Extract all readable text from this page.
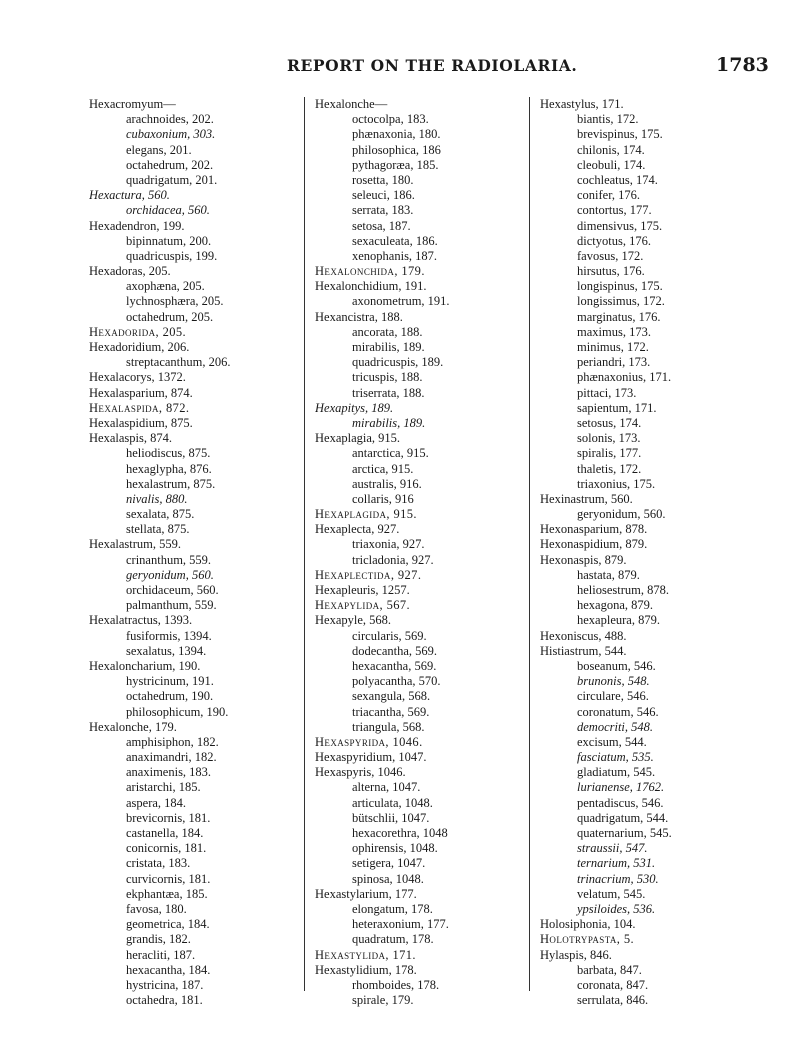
REPORT ON THE RADIOLARIA.	1783
Hexacromyum—
arachnoides, 202.
cubaxonium, 303.
elegans, 201.
octahedrum, 202.
quadrigatum, 201.
Hexactura, 560.
orchidacea, 560.
Hexadendron, 199.
bipinnatum, 200.
quadricuspis, 199.
Hexadoras, 205.
axophæna, 205.
lychnosphæra, 205.
octahedrum, 205.
Hexadorida, 205.
Hexadoridium, 206.
streptacanthum, 206.
Hexalacorys, 1372.
Hexalasparium, 874.
Hexalaspida, 872.
Hexalaspidium, 875.
Hexalaspis, 874.
heliodiscus, 875.
hexaglypha, 876.
hexalastrum, 875.
nivalis, 880.
sexalata, 875.
stellata, 875.
Hexalastrum, 559.
crinanthum, 559.
geryonidum, 560.
orchidaceum, 560.
palmanthum, 559.
Hexalatractus, 1393.
fusiformis, 1394.
sexalatus, 1394.
Hexaloncharium, 190.
hystricinum, 191.
octahedrum, 190.
philosophicum, 190.
Hexalonche, 179.
amphisiphon, 182.
anaximandri, 182.
anaximenis, 183.
aristarchi, 185.
aspera, 184.
brevicornis, 181.
castanella, 184.
conicornis, 181.
cristata, 183.
curvicornis, 181.
ekphantæa, 185.
favosa, 180.
geometrica, 184.
grandis, 182.
heracliti, 187.
hexacantha, 184.
hystricina, 187.
octahedra, 181.
Hexalonche—
octocolpa, 183.
phænaxonia, 180.
philosophica, 186
pythagoræa, 185.
rosetta, 180.
seleuci, 186.
serrata, 183.
setosa, 187.
sexaculeata, 186.
xenophanis, 187.
Hexalonchida, 179.
Hexalonchidium, 191.
axonometrum, 191.
Hexancistra, 188.
ancorata, 188.
mirabilis, 189.
quadricuspis, 189.
tricuspis, 188.
triserrata, 188.
Hexapitys, 189.
mirabilis, 189.
Hexaplagia, 915.
antarctica, 915.
arctica, 915.
australis, 916.
collaris, 916
Hexaplagida, 915.
Hexaplecta, 927.
triaxonia, 927.
tricladonia, 927.
Hexaplectida, 927.
Hexapleuris, 1257.
Hexapylida, 567.
Hexapyle, 568.
circularis, 569.
dodecantha, 569.
hexacantha, 569.
polyacantha, 570.
sexangula, 568.
triacantha, 569.
triangula, 568.
Hexaspyrida, 1046.
Hexaspyridium, 1047.
Hexaspyris, 1046.
alterna, 1047.
articulata, 1048.
bütschlii, 1047.
hexacorethra, 1048
ophirensis, 1048.
setigera, 1047.
spinosa, 1048.
Hexastylarium, 177.
elongatum, 178.
heteraxonium, 177.
quadratum, 178.
Hexastylida, 171.
Hexastylidium, 178.
rhomboides, 178.
spirale, 179.
Hexastylus, 171.
biantis, 172.
brevispinus, 175.
chilonis, 174.
cleobuli, 174.
cochleatus, 174.
conifer, 176.
contortus, 177.
dimensivus, 175.
dictyotus, 176.
favosus, 172.
hirsutus, 176.
longispinus, 175.
longissimus, 172.
marginatus, 176.
maximus, 173.
minimus, 172.
periandri, 173.
phænaxonius, 171.
pittaci, 173.
sapientum, 171.
setosus, 174.
solonis, 173.
spiralis, 177.
thaletis, 172.
triaxonius, 175.
Hexinastrum, 560.
geryonidum, 560.
Hexonasparium, 878.
Hexonaspidium, 879.
Hexonaspis, 879.
hastata, 879.
heliosestrum, 878.
hexagona, 879.
hexapleura, 879.
Hexoniscus, 488.
Histiastrum, 544.
boseanum, 546.
brunonis, 548.
circulare, 546.
coronatum, 546.
democriti, 548.
excisum, 544.
fasciatum, 535.
gladiatum, 545.
lurianense, 1762.
pentadiscus, 546.
quadrigatum, 544.
quaternarium, 545.
straussii, 547.
ternarium, 531.
trinacrium, 530.
velatum, 545.
ypsiloides, 536.
Holosiphonia, 104.
Holotrypasta, 5.
Hylaspis, 846.
barbata, 847.
coronata, 847.
serrulata, 846.
